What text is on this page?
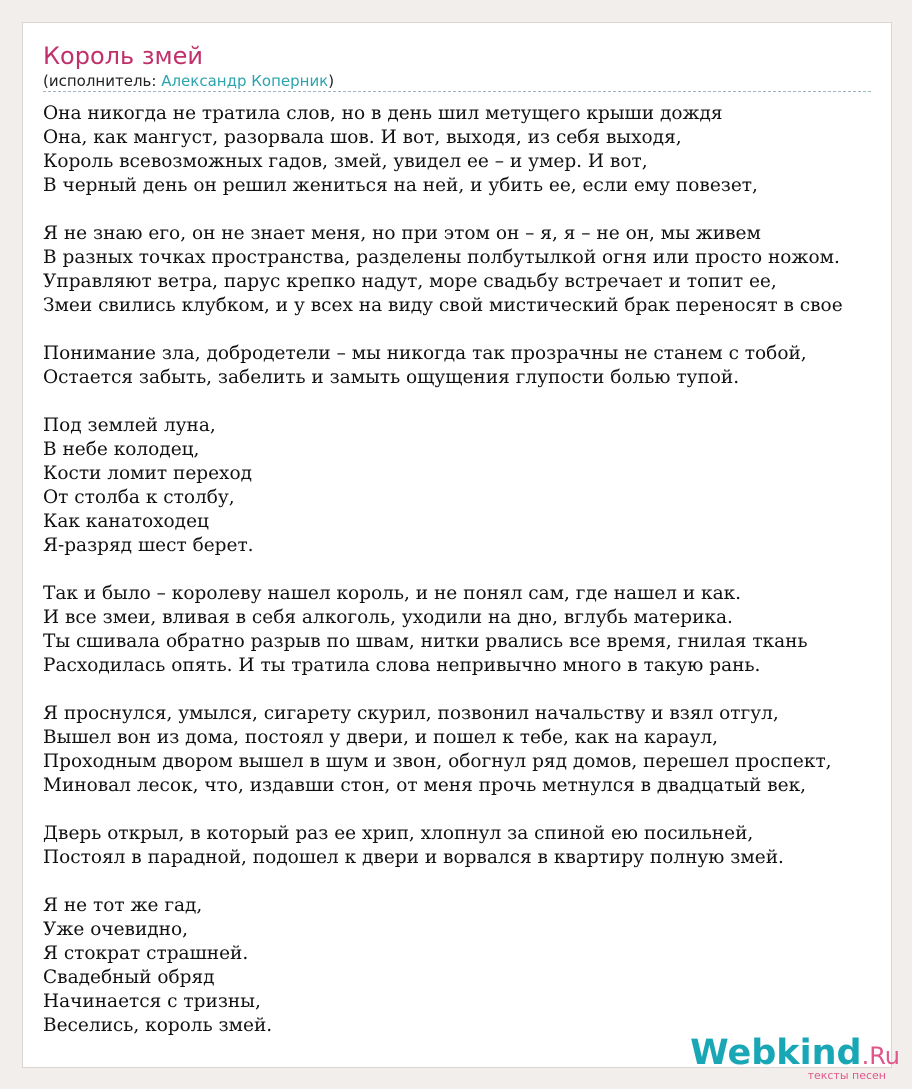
Король змей
(исполнитель: Александр Коперник)
Она никогда не тратила слов, но в день шил метущего крыши дождя
Она, как мангуст, разорвала шов. И вот, выходя, из себя выходя,
Король всевозможных гадов, змей, увидел ее – и умер. И вот,
В черный день он решил жениться на ней, и убить ее, если ему повезет,
Я не знаю его, он не знает меня, но при этом он – я, я – не он, мы живем
В разных точках пространства, разделены полбутылкой огня или просто ножом.
Управляют ветра, парус крепко надут, море свадьбу встречает и топит ее,
Змеи свились клубком, и у всех на виду свой мистический брак переносят в свое
Понимание зла, добродетели – мы никогда так прозрачны не станем с тобой,
Остается забыть, забелить и замыть ощущения глупости болью тупой.
Под землей луна,
В небе колодец,
Кости ломит переход
От столба к столбу,
Как канатоходец
Я-разряд шест берет.
Так и было – королеву нашел король, и не понял сам, где нашел и как.
И все змеи, вливая в себя алкоголь, уходили на дно, вглубь материка.
Ты сшивала обратно разрыв по швам, нитки рвались все время, гнилая ткань
Расходилась опять. И ты тратила слова непривычно много в такую рань.
Я проснулся, умылся, сигарету скурил, позвонил начальству и взял отгул,
Вышел вон из дома, постоял у двери, и пошел к тебе, как на караул,
Проходным двором вышел в шум и звон, обогнул ряд домов, перешел проспект,
Миновал лесок, что, издавши стон, от меня прочь метнулся в двадцатый век,
Дверь открыл, в который раз ее хрип, хлопнул за спиной ею посильней,
Постоял в парадной, подошел к двери и ворвался в квартиру полную змей.
Я не тот же гад,
Уже очевидно,
Я стократ страшней.
Свадебный обряд
Начинается с тризны,
Веселись, король змей.
Webkind.Ru
тексты песен
